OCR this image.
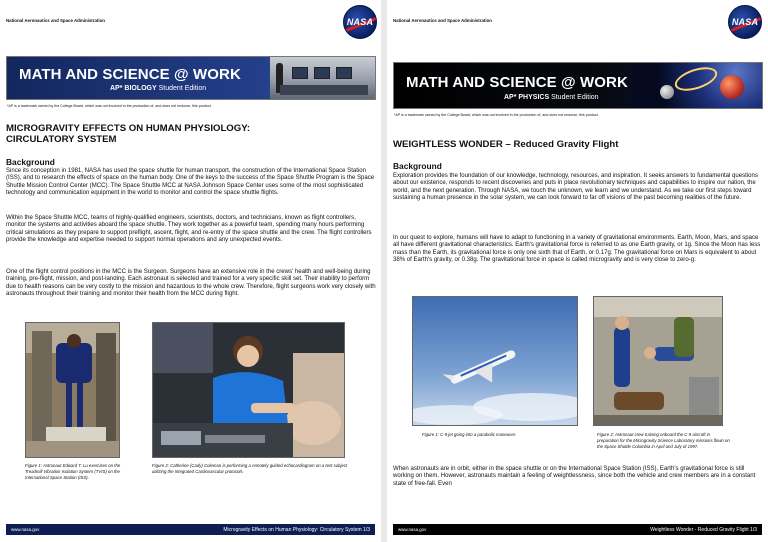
National Aeronautics and Space Administration	NASA
MATH AND SCIENCE @ WORK
AP* BIOLOGY Student Edition
*AP is a trademark owned by the College Board, which was not involved in the production of, and does not endorse, this product.
MICROGRAVITY EFFECTS ON HUMAN PHYSIOLOGY: CIRCULATORY SYSTEM
Background
Since its conception in 1981, NASA has used the space shuttle for human transport, the construction of the International Space Station (ISS), and to research the effects of space on the human body. One of the keys to the success of the Space Shuttle Program is the Space Shuttle Mission Control Center (MCC). The Space Shuttle MCC at NASA Johnson Space Center uses some of the most sophisticated technology and communication equipment in the world to monitor and control the space shuttle flights.
Within the Space Shuttle MCC, teams of highly-qualified engineers, scientists, doctors, and technicians, known as flight controllers, monitor the systems and activities aboard the space shuttle. They work together as a powerful team, spending many hours performing critical simulations as they prepare to support preflight, ascent, flight, and re-entry of the space shuttle and the crew. The flight controllers provide the knowledge and expertise needed to support normal operations and any unexpected events.
One of the flight control positions in the MCC is the Surgeon. Surgeons have an extensive role in the crews' health and well-being during training, pre-flight, mission, and post-landing. Each astronaut is selected and trained for a very specific skill set. Their inability to perform due to health reasons can be very costly to the mission and hazardous to the whole crew. Therefore, flight surgeons work very closely with astronauts throughout their training and monitor their health from the MCC during flight.
Figure 1: Astronaut Edward T. Lu exercises on the Treadmill Vibration Isolation System (TVIS) on the International Space Station (ISS).
Figure 2: Catherine (Cady) Coleman is performing a remotely guided echocardiogram on a test subject utilizing the Integrated Cardiovascular protocols.
www.nasa.gov	Microgravity Effects on Human Physiology: Circulatory System 1/3
National Aeronautics and Space Administration	NASA
MATH AND SCIENCE @ WORK
AP* PHYSICS Student Edition
*AP is a trademark owned by the College Board, which was not involved in the production of, and does not endorse, this product.
WEIGHTLESS WONDER – Reduced Gravity Flight
Background
Exploration provides the foundation of our knowledge, technology, resources, and inspiration. It seeks answers to fundamental questions about our existence, responds to recent discoveries and puts in place revolutionary techniques and capabilities to inspire our nation, the world, and the next generation. Through NASA, we touch the unknown, we learn and we understand. As we take our first steps toward sustaining a human presence in the solar system, we can look forward to far off visions of the past becoming realities of the future.
In our quest to explore, humans will have to adapt to functioning in a variety of gravitational environments. Earth, Moon, Mars, and space all have different gravitational characteristics. Earth's gravitational force is referred to as one Earth gravity, or 1g. Since the Moon has less mass than the Earth, its gravitational force is only one sixth that of Earth, or 0.17g. The gravitational force on Mars is equivalent to about 38% of Earth's gravity, or 0.38g. The gravitational force in space is called microgravity and is very close to zero-g.
Figure 1: C-9 jet going into a parabolic maneuver.	Figure 2: Astronaut crew training onboard the C-9 aircraft in preparation for the Microgravity Science Laboratory missions flown on the Space Shuttle Columbia in April and July of 1997.
When astronauts are in orbit, either in the space shuttle or on the International Space Station (ISS), Earth's gravitational force is still working on them. However, astronauts maintain a feeling of weightlessness, since both the vehicle and crew members are in a constant state of free-fall. Even
www.nasa.gov	Weightless Wonder - Reduced Gravity Flight 1/3
